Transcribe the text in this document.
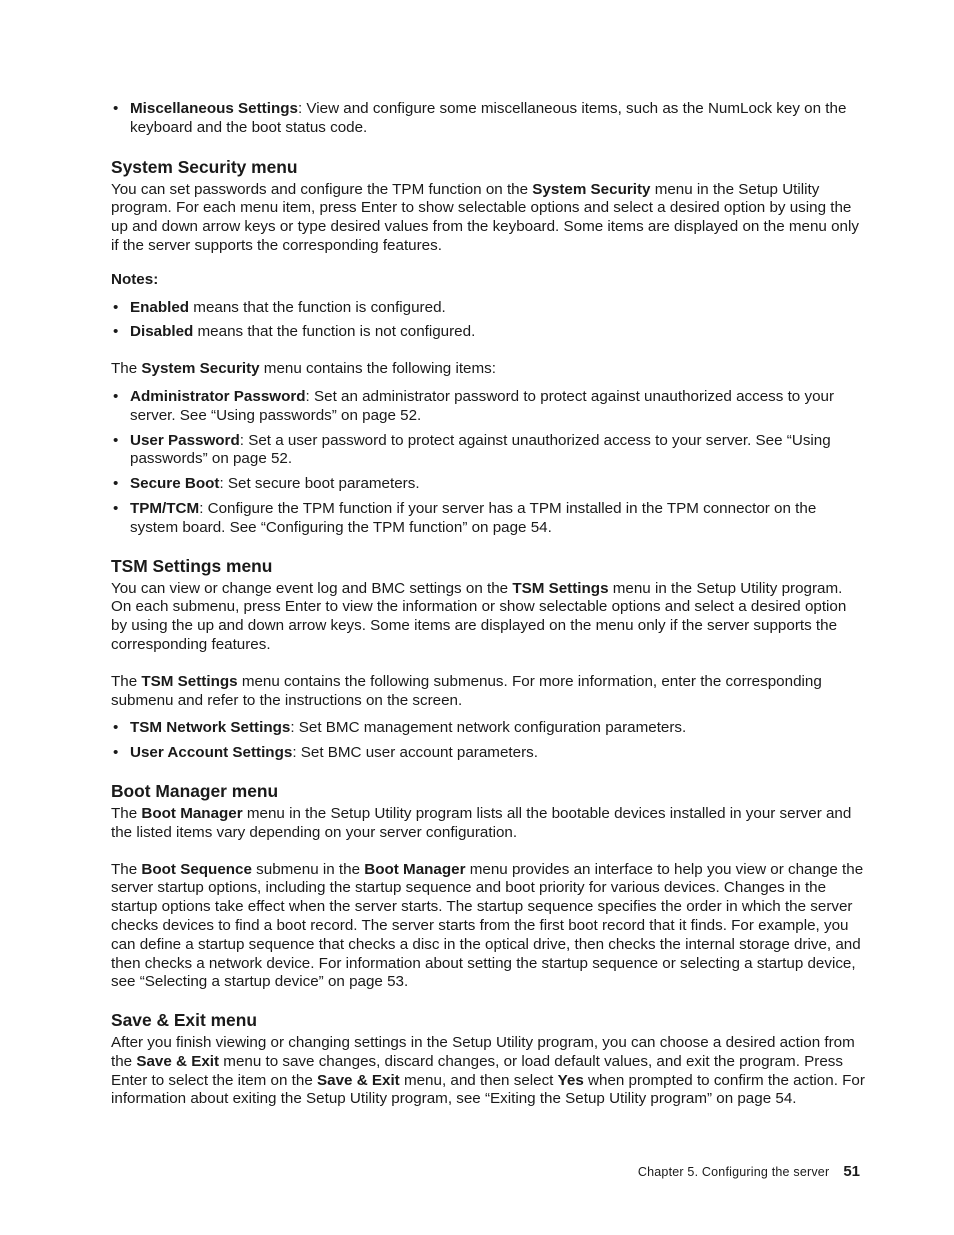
• Miscellaneous Settings: View and configure some miscellaneous items, such as the NumLock key on the keyboard and the boot status code.
System Security menu

You can set passwords and configure the TPM function on the System Security menu in the Setup Utility program. For each menu item, press Enter to show selectable options and select a desired option by using the up and down arrow keys or type desired values from the keyboard. Some items are displayed on the menu only if the server supports the corresponding features.

Notes:

• Enabled means that the function is configured.
• Disabled means that the function is not configured.

The System Security menu contains the following items:

• Administrator Password: Set an administrator password to protect against unauthorized access to your server. See “Using passwords” on page 52.
• User Password: Set a user password to protect against unauthorized access to your server. See “Using passwords” on page 52.
• Secure Boot: Set secure boot parameters.
• TPM/TCM: Configure the TPM function if your server has a TPM installed in the TPM connector on the system board. See “Configuring the TPM function” on page 54.
TSM Settings menu

You can view or change event log and BMC settings on the TSM Settings menu in the Setup Utility program. On each submenu, press Enter to view the information or show selectable options and select a desired option by using the up and down arrow keys. Some items are displayed on the menu only if the server supports the corresponding features.

The TSM Settings menu contains the following submenus. For more information, enter the corresponding submenu and refer to the instructions on the screen.

• TSM Network Settings: Set BMC management network configuration parameters.
• User Account Settings: Set BMC user account parameters.
Boot Manager menu

The Boot Manager menu in the Setup Utility program lists all the bootable devices installed in your server and the listed items vary depending on your server configuration.

The Boot Sequence submenu in the Boot Manager menu provides an interface to help you view or change the server startup options, including the startup sequence and boot priority for various devices. Changes in the startup options take effect when the server starts. The startup sequence specifies the order in which the server checks devices to find a boot record. The server starts from the first boot record that it finds. For example, you can define a startup sequence that checks a disc in the optical drive, then checks the internal storage drive, and then checks a network device. For information about setting the startup sequence or selecting a startup device, see “Selecting a startup device” on page 53.

Save & Exit menu

After you finish viewing or changing settings in the Setup Utility program, you can choose a desired action from the Save & Exit menu to save changes, discard changes, or load default values, and exit the program. Press Enter to select the item on the Save & Exit menu, and then select Yes when prompted to confirm the action. For information about exiting the Setup Utility program, see “Exiting the Setup Utility program” on page 54.

Chapter 5. Configuring the server 51
